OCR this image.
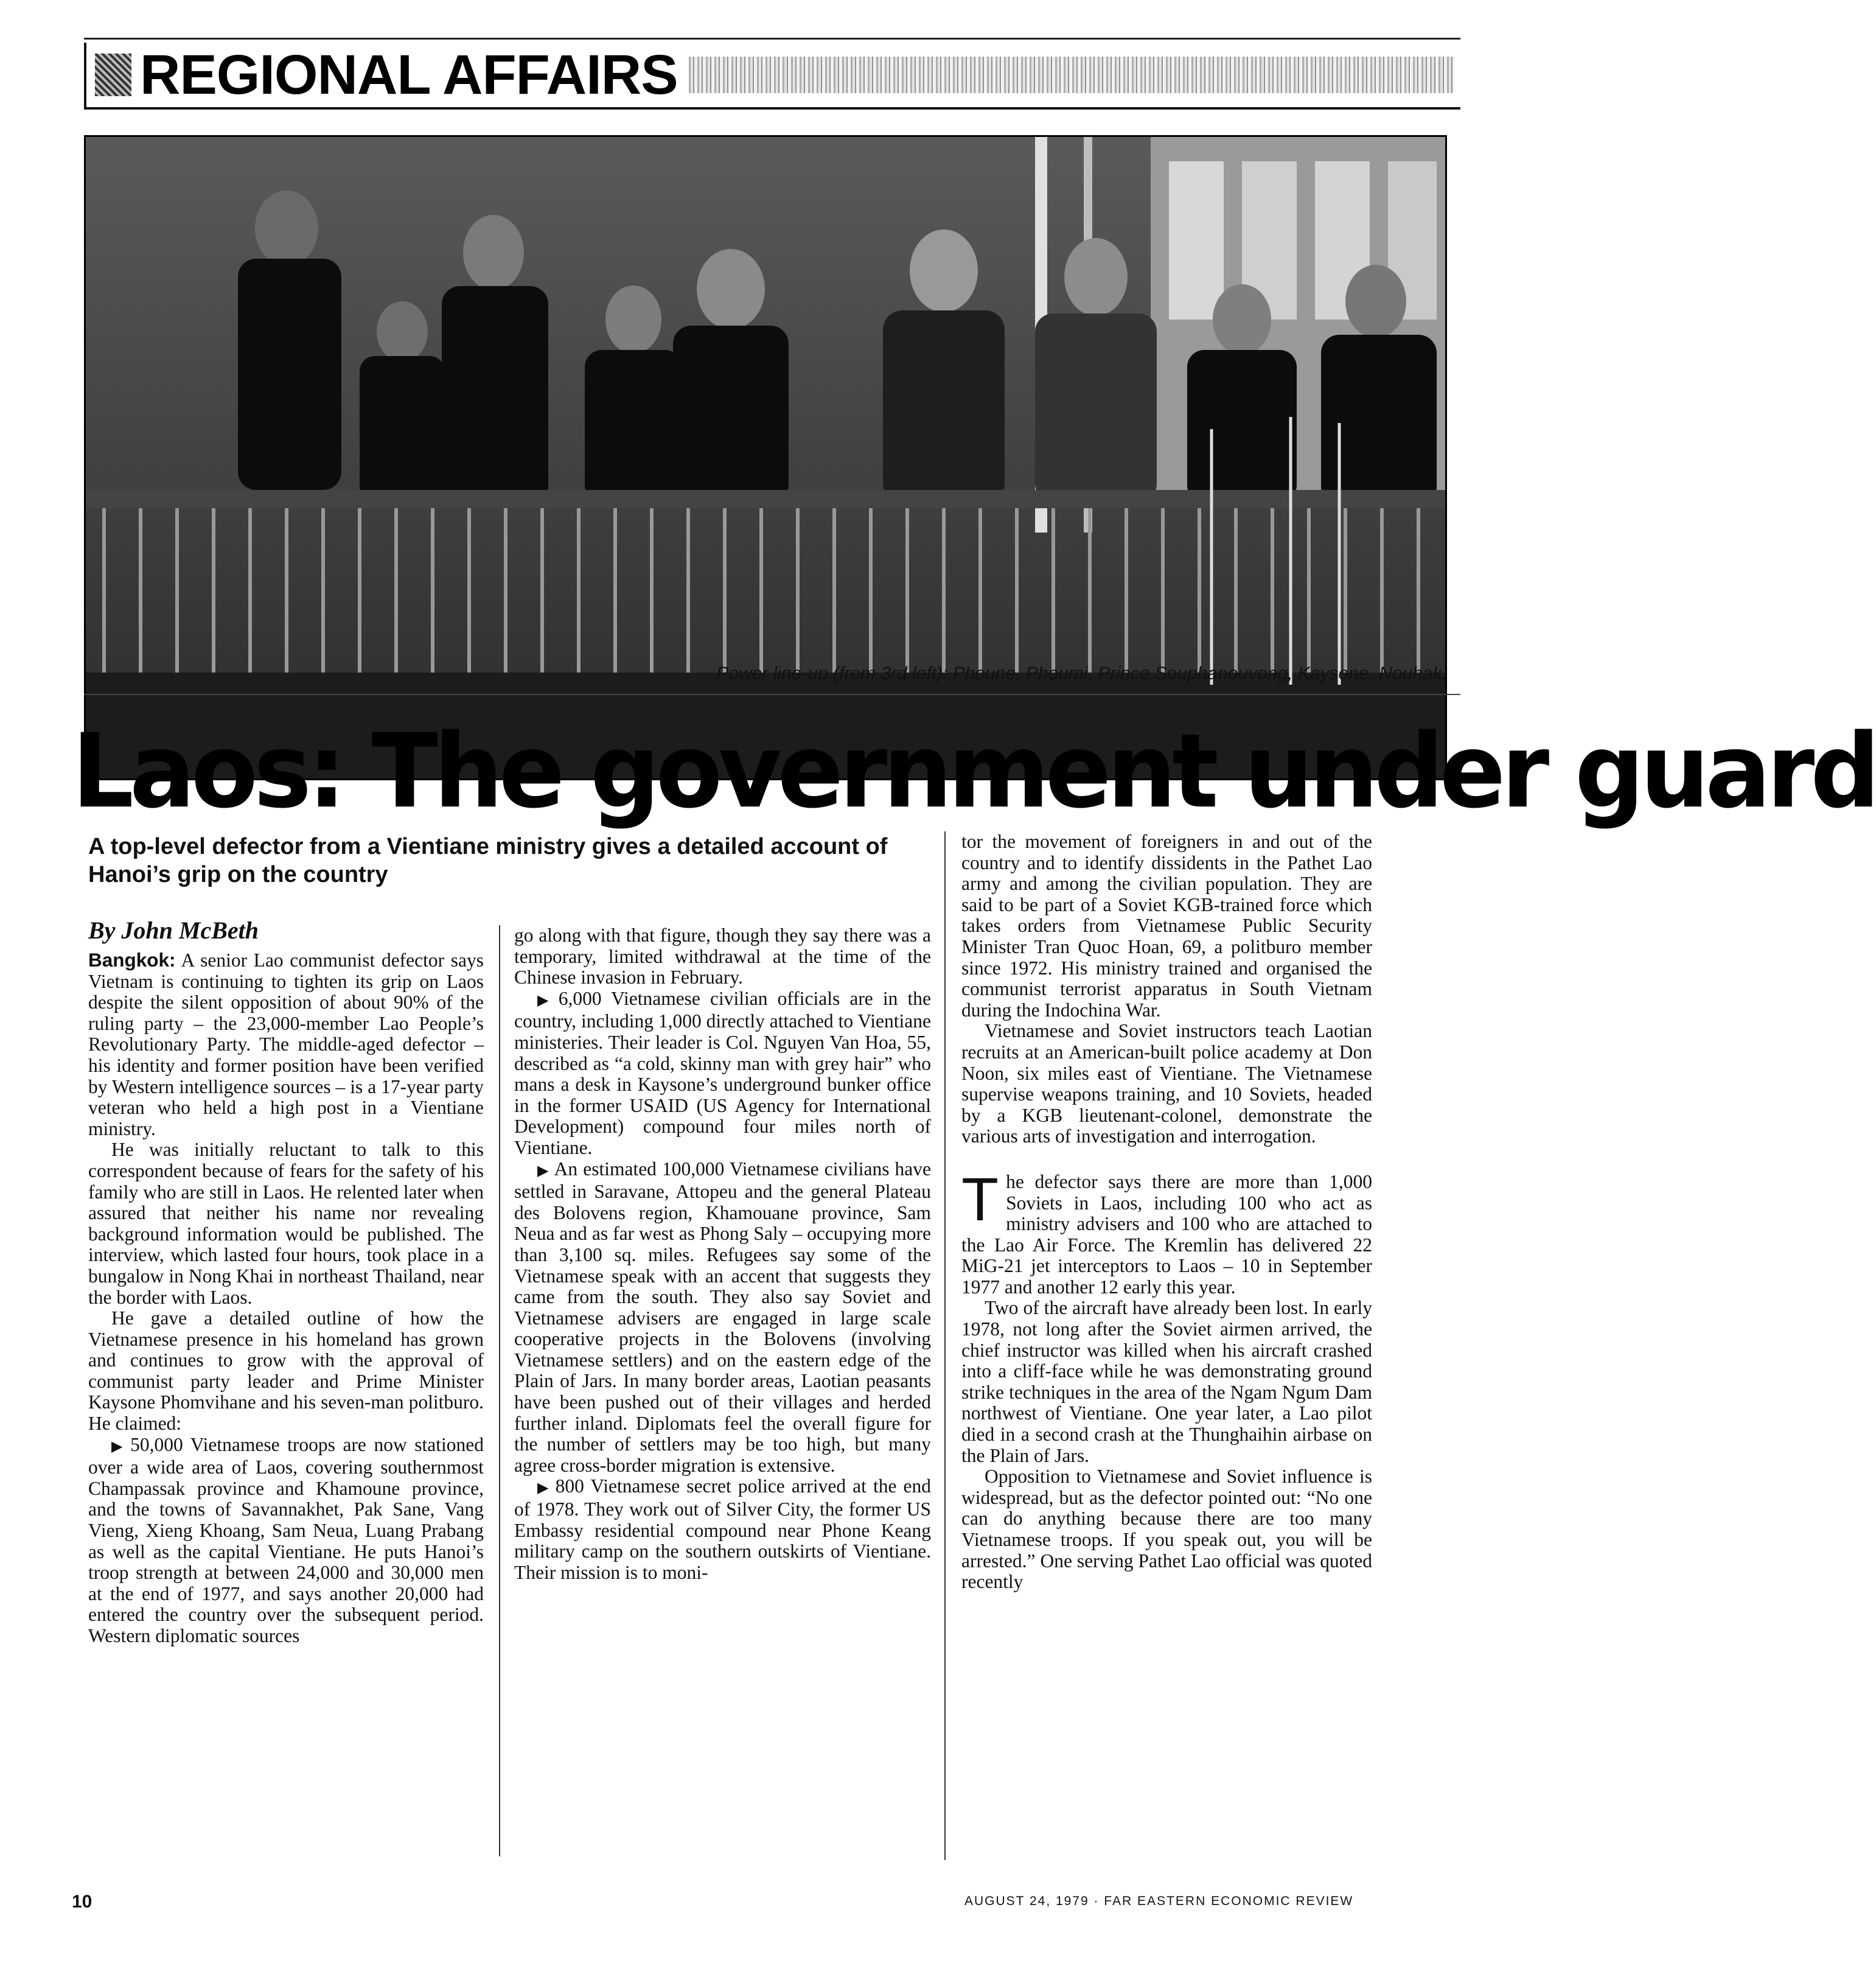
REGIONAL AFFAIRS
Power line-up (from 3rd left): Phoune, Phoumi, Prince Souphanouvong, Kaysone, Nouhak,
Laos: The government under guard
A top-level defector from a Vientiane ministry gives a detailed account of Hanoi’s grip on the country
By John McBeth

Bangkok: A senior Lao communist defector says Vietnam is continuing to tighten its grip on Laos despite the silent opposition of about 90% of the ruling party – the 23,000-member Lao People’s Revolutionary Party. The middle-aged defector – his identity and former position have been verified by Western intelligence sources – is a 17-year party veteran who held a high post in a Vientiane ministry.

He was initially reluctant to talk to this correspondent because of fears for the safety of his family who are still in Laos. He relented later when assured that neither his name nor revealing background information would be published. The interview, which lasted four hours, took place in a bungalow in Nong Khai in northeast Thailand, near the border with Laos.

He gave a detailed outline of how the Vietnamese presence in his homeland has grown and continues to grow with the approval of communist party leader and Prime Minister Kaysone Phomvihane and his seven-man politburo. He claimed:

▶ 50,000 Vietnamese troops are now stationed over a wide area of Laos, covering southernmost Champassak province and Khamoune province, and the towns of Savannakhet, Pak Sane, Vang Vieng, Xieng Khoang, Sam Neua, Luang Prabang as well as the capital Vientiane. He puts Hanoi’s troop strength at between 24,000 and 30,000 men at the end of 1977, and says another 20,000 had entered the country over the subsequent period. Western diplomatic sources

go along with that figure, though they say there was a temporary, limited withdrawal at the time of the Chinese invasion in February.

▶ 6,000 Vietnamese civilian officials are in the country, including 1,000 directly attached to Vientiane ministeries. Their leader is Col. Nguyen Van Hoa, 55, described as “a cold, skinny man with grey hair” who mans a desk in Kaysone’s underground bunker office in the former USAID (US Agency for International Development) compound four miles north of Vientiane.

▶ An estimated 100,000 Vietnamese civilians have settled in Saravane, Attopeu and the general Plateau des Bolovens region, Khamouane province, Sam Neua and as far west as Phong Saly – occupying more than 3,100 sq. miles. Refugees say some of the Vietnamese speak with an accent that suggests they came from the south. They also say Soviet and Vietnamese advisers are engaged in large scale cooperative projects in the Bolovens (involving Vietnamese settlers) and on the eastern edge of the Plain of Jars. In many border areas, Laotian peasants have been pushed out of their villages and herded further inland. Diplomats feel the overall figure for the number of settlers may be too high, but many agree cross-border migration is extensive.

▶ 800 Vietnamese secret police arrived at the end of 1978. They work out of Silver City, the former US Embassy residential compound near Phone Keang military camp on the southern outskirts of Vientiane. Their mission is to moni-

tor the movement of foreigners in and out of the country and to identify dissidents in the Pathet Lao army and among the civilian population. They are said to be part of a Soviet KGB-trained force which takes orders from Vietnamese Public Security Minister Tran Quoc Hoan, 69, a politburo member since 1972. His ministry trained and organised the communist terrorist apparatus in South Vietnam during the Indochina War.

Vietnamese and Soviet instructors teach Laotian recruits at an American-built police academy at Don Noon, six miles east of Vientiane. The Vietnamese supervise weapons training, and 10 Soviets, headed by a KGB lieutenant-colonel, demonstrate the various arts of investigation and interrogation.

The defector says there are more than 1,000 Soviets in Laos, including 100 who act as ministry advisers and 100 who are attached to the Lao Air Force. The Kremlin has delivered 22 MiG-21 jet interceptors to Laos – 10 in September 1977 and another 12 early this year.

Two of the aircraft have already been lost. In early 1978, not long after the Soviet airmen arrived, the chief instructor was killed when his aircraft crashed into a cliff-face while he was demonstrating ground strike techniques in the area of the Ngam Ngum Dam northwest of Vientiane. One year later, a Lao pilot died in a second crash at the Thunghaihin airbase on the Plain of Jars.

Opposition to Vietnamese and Soviet influence is widespread, but as the defector pointed out: “No one can do anything because there are too many Vietnamese troops. If you speak out, you will be arrested.” One serving Pathet Lao official was quoted recently

10	AUGUST 24, 1979 · FAR EASTERN ECONOMIC REVIEW
